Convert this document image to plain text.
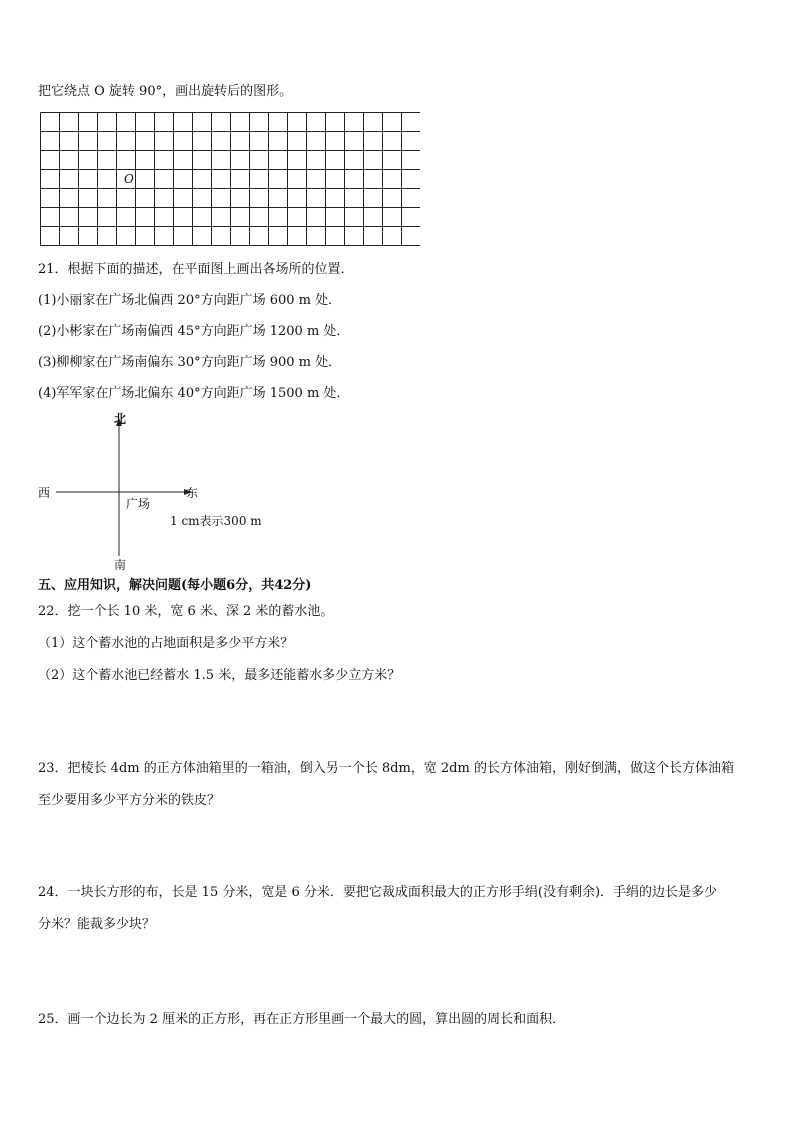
把它绕点 O 旋转 90°，画出旋转后的图形。
O
21．根据下面的描述，在平面图上画出各场所的位置．
(1)小丽家在广场北偏西 20°方向距广场 600 m 处．
(2)小彬家在广场南偏西 45°方向距广场 1200 m 处．
(3)柳柳家在广场南偏东 30°方向距广场 900 m 处．
(4)军军家在广场北偏东 40°方向距广场 1500 m 处．
北
西	东
广场
1 cm表示300 m
南
五、应用知识，解决问题(每小题6分，共42分)
22．挖一个长 10 米，宽 6 米、深 2 米的蓄水池。
（1）这个蓄水池的占地面积是多少平方米？
（2）这个蓄水池已经蓄水 1.5 米，最多还能蓄水多少立方米？
23．把棱长 4dm 的正方体油箱里的一箱油，倒入另一个长 8dm，宽 2dm 的长方体油箱，刚好倒满，做这个长方体油箱
至少要用多少平方分米的铁皮？
24．一块长方形的布，长是 15 分米，宽是 6 分米．要把它裁成面积最大的正方形手绢(没有剩余)．手绢的边长是多少
分米？能裁多少块？
25．画一个边长为 2 厘米的正方形，再在正方形里画一个最大的圆，算出圆的周长和面积．
